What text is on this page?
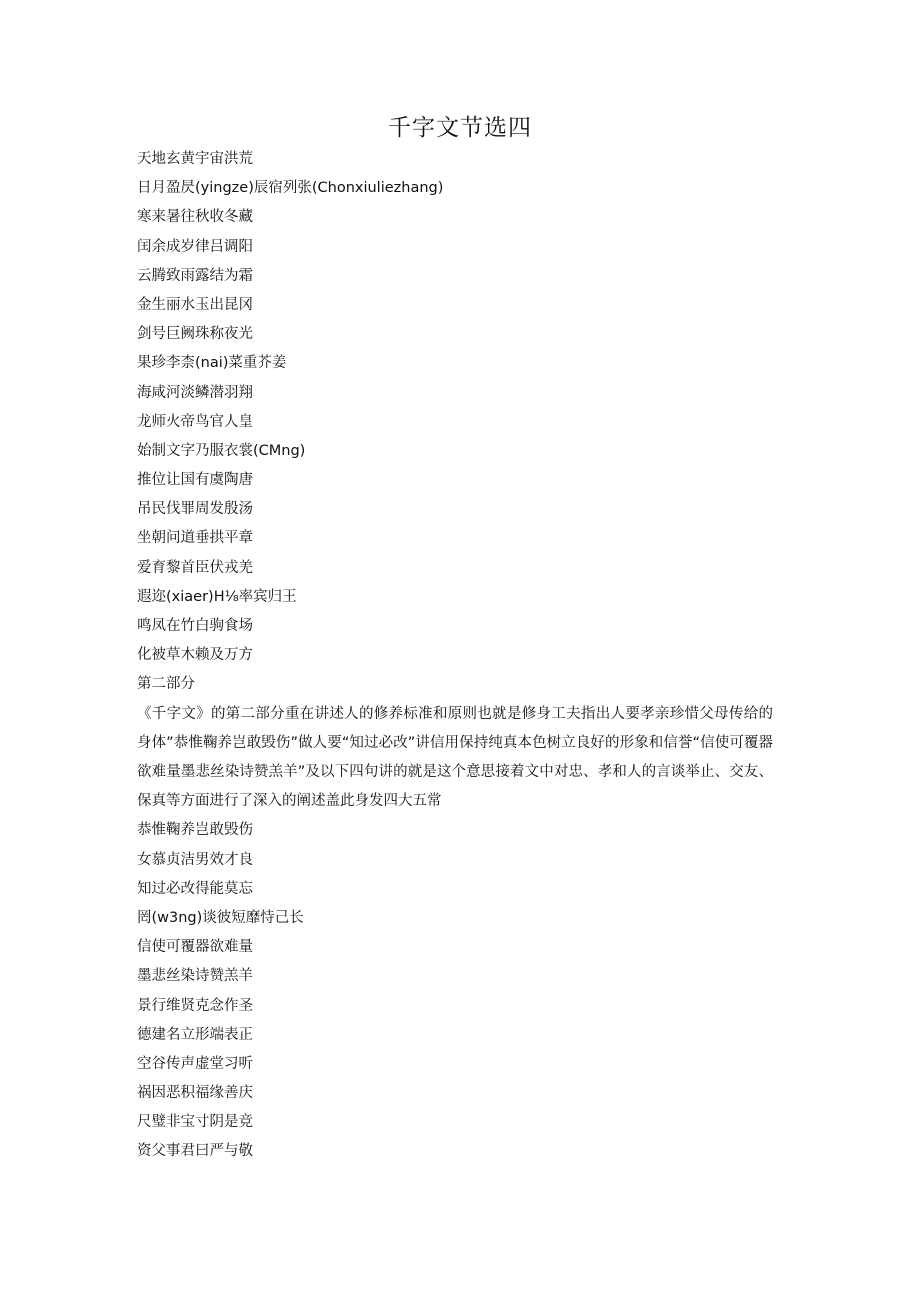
千字文节选四
天地玄黄宇宙洪荒
日月盈昃(yingze)辰宿列张(Chonxiuliezhang)
寒来暑往秋收冬藏
闰余成岁律吕调阳
云腾致雨露结为霜
金生丽水玉出昆冈
剑号巨阙珠称夜光
果珍李柰(nai)菜重芥姜
海咸河淡鳞潜羽翔
龙师火帝鸟官人皇
始制文字乃服衣裳(CMng)
推位让国有虞陶唐
吊民伐罪周发殷汤
坐朝问道垂拱平章
爱育黎首臣伏戎羌
遐迩(xiaer)H⅛率宾归王
鸣凤在竹白驹食场
化被草木赖及万方
第二部分
《千字文》的第二部分重在讲述人的修养标准和原则也就是修身工夫指出人要孝亲珍惜父母传给的身体”恭惟鞠养岂敢毁伤”做人要“知过必改”讲信用保持纯真本色树立良好的形象和信誉“信使可覆器欲难量墨悲丝染诗赞羔羊”及以下四句讲的就是这个意思接着文中对忠、孝和人的言谈举止、交友、保真等方面进行了深入的阐述盖此身发四大五常
恭惟鞠养岂敢毁伤
女慕贞洁男效才良
知过必改得能莫忘
罔(w3ng)谈彼短靡恃己长
信使可覆器欲难量
墨悲丝染诗赞羔羊
景行维贤克念作圣
德建名立形端表正
空谷传声虚堂习听
祸因恶积福缘善庆
尺璧非宝寸阴是竞
资父事君曰严与敬
